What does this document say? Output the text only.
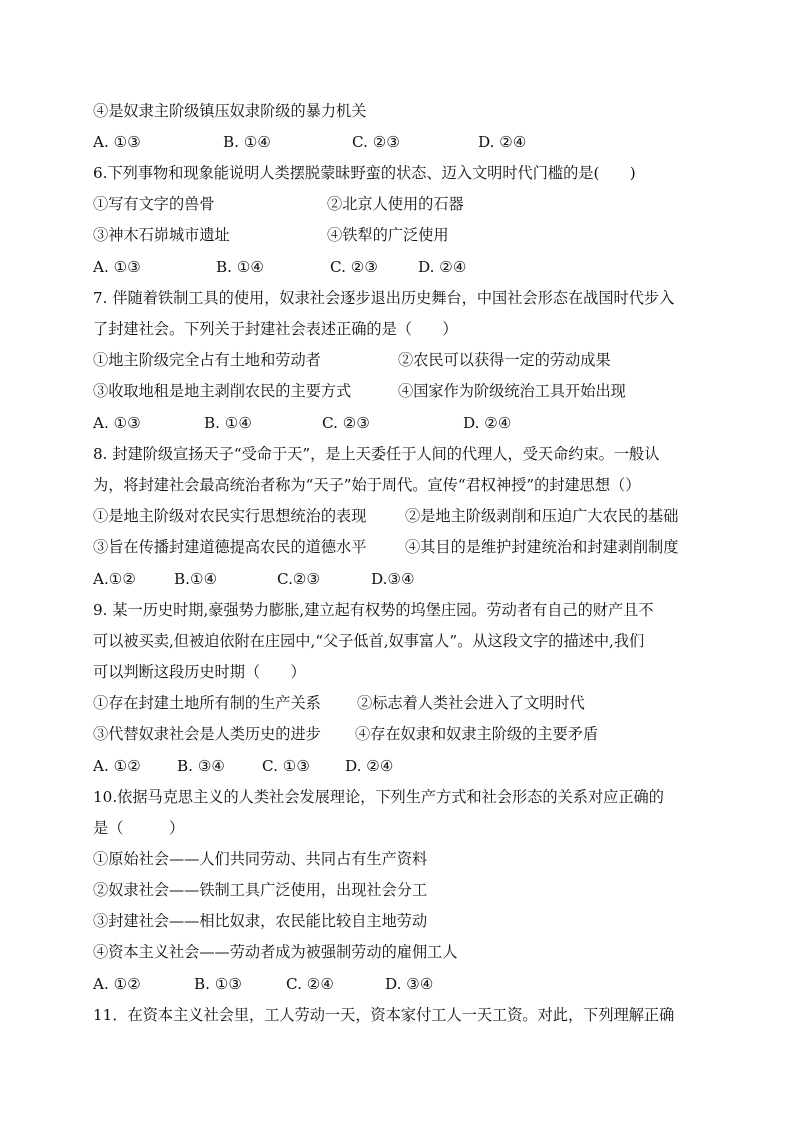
④是奴隶主阶级镇压奴隶阶级的暴力机关
A. ①③	B. ①④	C. ②③	D. ②④
6.下列事物和现象能说明人类摆脱蒙昧野蛮的状态、迈入文明时代门槛的是(　　)
①写有文字的兽骨	②北京人使用的石器
③神木石峁城市遗址	④铁犁的广泛使用
A. ①③	B. ①④	C. ②③	D. ②④
7. 伴随着铁制工具的使用，奴隶社会逐步退出历史舞台，中国社会形态在战国时代步入
了封建社会。下列关于封建社会表述正确的是（　　）
①地主阶级完全占有土地和劳动者	②农民可以获得一定的劳动成果
③收取地租是地主剥削农民的主要方式	④国家作为阶级统治工具开始出现
A. ①③	B. ①④	C. ②③	D. ②④
8. 封建阶级宣扬天子“受命于天”，是上天委任于人间的代理人，受天命约束。一般认
为，将封建社会最高统治者称为“天子”始于周代。宣传“君权神授”的封建思想（）
①是地主阶级对农民实行思想统治的表现	②是地主阶级剥削和压迫广大农民的基础
③旨在传播封建道德提高农民的道德水平	④其目的是维护封建统治和封建剥削制度
A.①② B.①④	C.②③	D.③④
9. 某一历史时期,豪强势力膨胀,建立起有权势的坞堡庄园。劳动者有自己的财产且不
可以被买卖,但被迫依附在庄园中,“父子低首,奴事富人”。从这段文字的描述中,我们
可以判断这段历史时期（　　）
①存在封建土地所有制的生产关系 ②标志着人类社会进入了文明时代
③代替奴隶社会是人类历史的进步 ④存在奴隶和奴隶主阶级的主要矛盾
A. ①② B. ③④ C. ①③ D. ②④
10.依据马克思主义的人类社会发展理论，下列生产方式和社会形态的关系对应正确的
是（　　　）
①原始社会——人们共同劳动、共同占有生产资料
②奴隶社会——铁制工具广泛使用，出现社会分工
③封建社会——相比奴隶，农民能比较自主地劳动
④资本主义社会——劳动者成为被强制劳动的雇佣工人
A. ①②	B. ①③	C. ②④	D. ③④
11．在资本主义社会里，工人劳动一天，资本家付工人一天工资。对此，下列理解正确
